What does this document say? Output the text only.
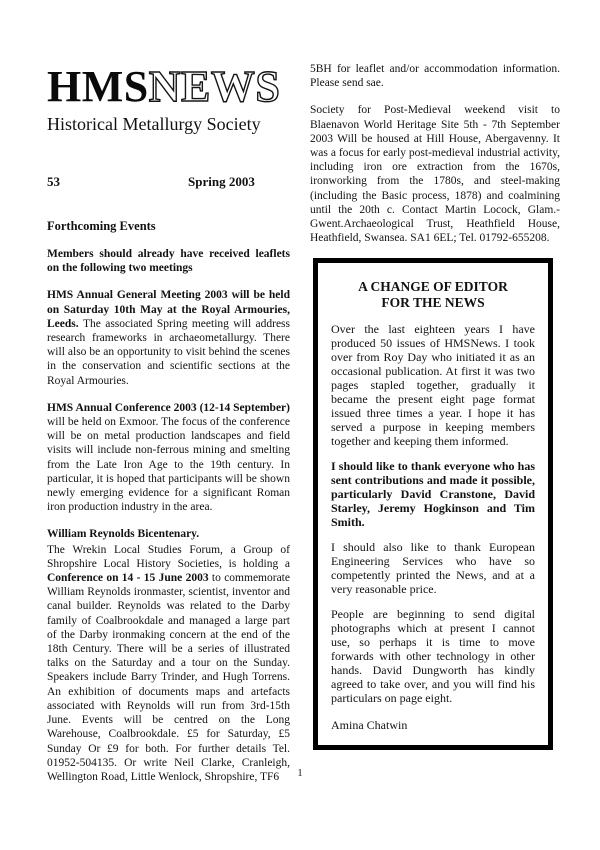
HMSNEWS
Historical Metallurgy Society
53	Spring 2003
Forthcoming Events

Members should already have received leaflets on the following two meetings

HMS Annual General Meeting 2003 will be held on Saturday 10th May at the Royal Armouries, Leeds. The associated Spring meeting will address research frameworks in archaeometallurgy. There will also be an opportunity to visit behind the scenes in the conservation and scientific sections at the Royal Armouries.

HMS Annual Conference 2003 (12-14 September) will be held on Exmoor. The focus of the conference will be on metal production landscapes and field visits will include non-ferrous mining and smelting from the Late Iron Age to the 19th century. In particular, it is hoped that participants will be shown newly emerging evidence for a significant Roman iron production industry in the area.

William Reynolds Bicentenary.

The Wrekin Local Studies Forum, a Group of Shropshire Local History Societies, is holding a Conference on 14 - 15 June 2003 to commemorate William Reynolds ironmaster, scientist, inventor and canal builder. Reynolds was related to the Darby family of Coalbrookdale and managed a large part of the Darby ironmaking concern at the end of the 18th Century. There will be a series of illustrated talks on the Saturday and a tour on the Sunday. Speakers include Barry Trinder, and Hugh Torrens. An exhibition of documents maps and artefacts associated with Reynolds will run from 3rd-15th June. Events will be centred on the Long Warehouse, Coalbrookdale. £5 for Saturday, £5 Sunday Or £9 for both. For further details Tel. 01952-504135. Or write Neil Clarke, Cranleigh, Wellington Road, Little Wenlock, Shropshire, TF6

5BH for leaflet and/or accommodation information. Please send sae.

Society for Post-Medieval weekend visit to Blaenavon World Heritage Site 5th - 7th September 2003 Will be housed at Hill House, Abergavenny. It was a focus for early post-medieval industrial activity, including iron ore extraction from the 1670s, ironworking from the 1780s, and steel-making (including the Basic process, 1878) and coalmining until the 20th c. Contact Martin Locock, Glam.- Gwent.Archaeological Trust, Heathfield House, Heathfield, Swansea. SA1 6EL; Tel. 01792-655208.

A CHANGE OF EDITOR
FOR THE NEWS

Over the last eighteen years I have produced 50 issues of HMSNews. I took over from Roy Day who initiated it as an occasional publication. At first it was two pages stapled together, gradually it became the present eight page format issued three times a year. I hope it has served a purpose in keeping members together and keeping them informed.

I should like to thank everyone who has sent contributions and made it possible, particularly David Cranstone, David Starley, Jeremy Hogkinson and Tim Smith.

I should also like to thank European Engineering Services who have so competently printed the News, and at a very reasonable price.

People are beginning to send digital photographs which at present I cannot use, so perhaps it is time to move forwards with other technology in other hands. David Dungworth has kindly agreed to take over, and you will find his particulars on page eight.

Amina Chatwin

1
